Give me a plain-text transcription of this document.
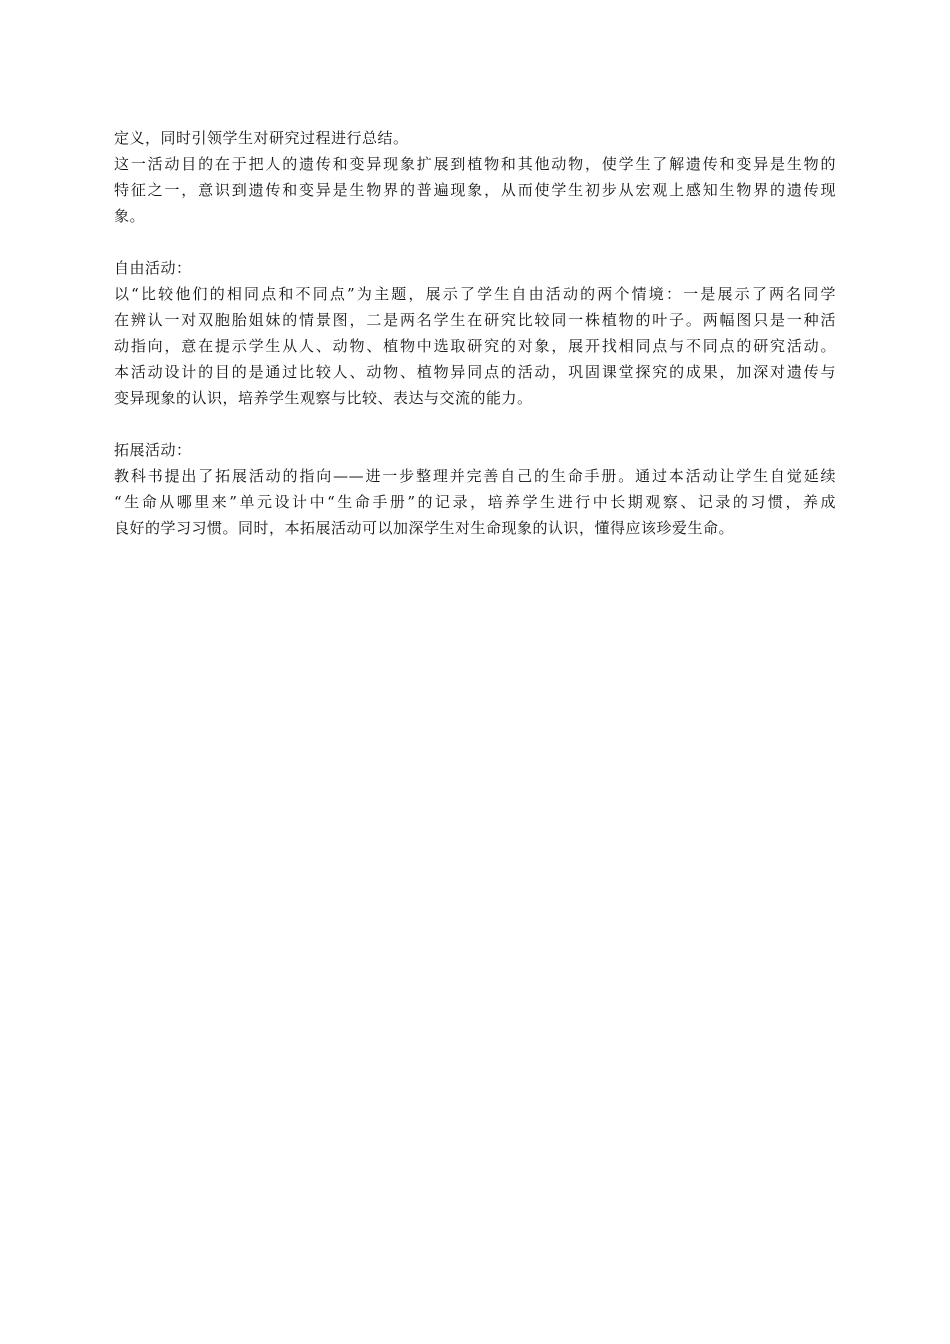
定义，同时引领学生对研究过程进行总结。
这一活动目的在于把人的遗传和变异现象扩展到植物和其他动物，使学生了解遗传和变异是生物的
特征之一，意识到遗传和变异是生物界的普遍现象，从而使学生初步从宏观上感知生物界的遗传现
象。
自由活动：
以“比较他们的相同点和不同点”为主题，展示了学生自由活动的两个情境：一是展示了两名同学
在辨认一对双胞胎姐妹的情景图，二是两名学生在研究比较同一株植物的叶子。两幅图只是一种活
动指向，意在提示学生从人、动物、植物中选取研究的对象，展开找相同点与不同点的研究活动。
本活动设计的目的是通过比较人、动物、植物异同点的活动，巩固课堂探究的成果，加深对遗传与
变异现象的认识，培养学生观察与比较、表达与交流的能力。
拓展活动：
教科书提出了拓展活动的指向——进一步整理并完善自己的生命手册。通过本活动让学生自觉延续
“生命从哪里来”单元设计中“生命手册”的记录，培养学生进行中长期观察、记录的习惯，养成
良好的学习习惯。同时，本拓展活动可以加深学生对生命现象的认识，懂得应该珍爱生命。
